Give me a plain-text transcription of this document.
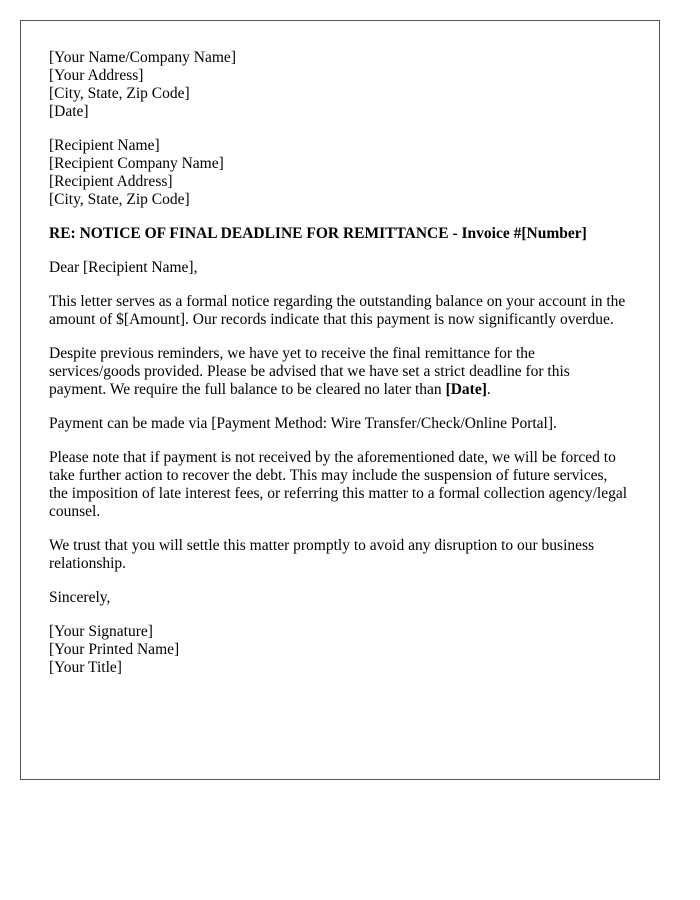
[Your Name/Company Name]
[Your Address]
[City, State, Zip Code]
[Date]
[Recipient Name]
[Recipient Company Name]
[Recipient Address]
[City, State, Zip Code]

RE: NOTICE OF FINAL DEADLINE FOR REMITTANCE - Invoice #[Number]

Dear [Recipient Name],

This letter serves as a formal notice regarding the outstanding balance on your account in the amount of $[Amount]. Our records indicate that this payment is now significantly overdue.

Despite previous reminders, we have yet to receive the final remittance for the services/goods provided. Please be advised that we have set a strict deadline for this payment. We require the full balance to be cleared no later than [Date].

Payment can be made via [Payment Method: Wire Transfer/Check/Online Portal].

Please note that if payment is not received by the aforementioned date, we will be forced to take further action to recover the debt. This may include the suspension of future services, the imposition of late interest fees, or referring this matter to a formal collection agency/legal counsel.

We trust that you will settle this matter promptly to avoid any disruption to our business relationship.

Sincerely,

[Your Signature]
[Your Printed Name]
[Your Title]
